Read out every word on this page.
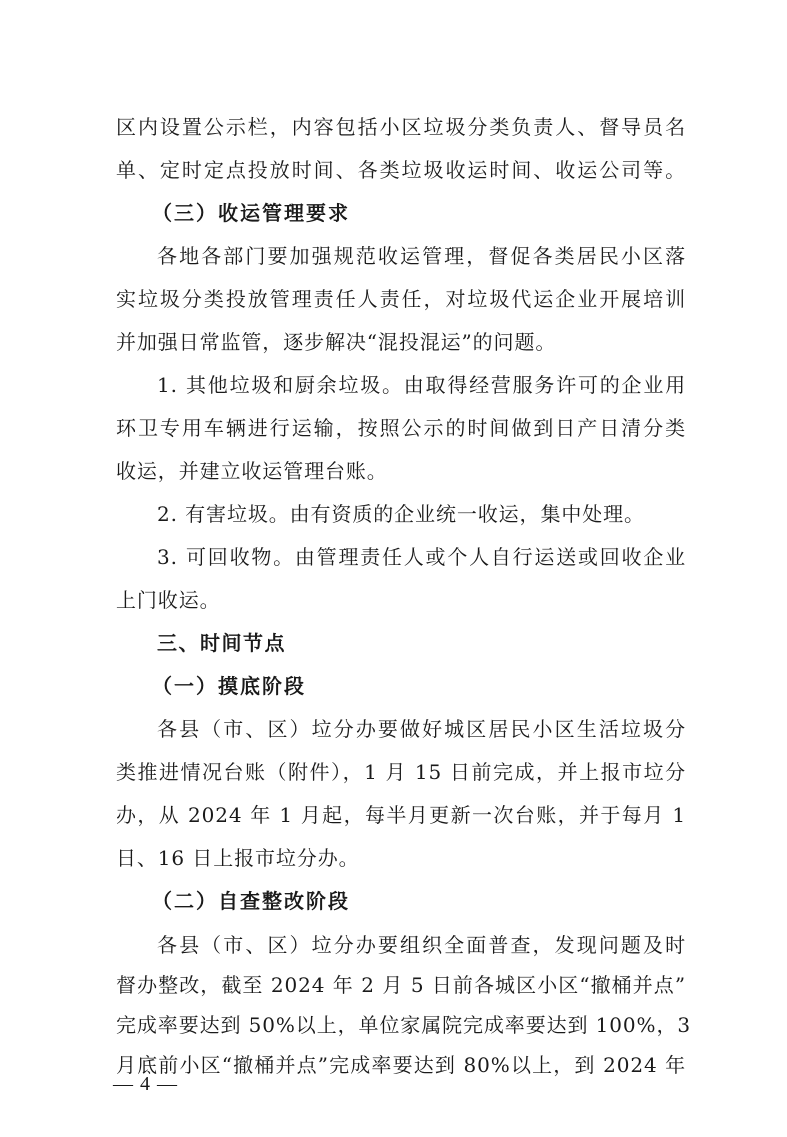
区内设置公示栏，内容包括小区垃圾分类负责人、督导员名
单、定时定点投放时间、各类垃圾收运时间、收运公司等。
（三）收运管理要求
各地各部门要加强规范收运管理，督促各类居民小区落
实垃圾分类投放管理责任人责任，对垃圾代运企业开展培训
并加强日常监管，逐步解决“混投混运”的问题。
1. 其他垃圾和厨余垃圾。由取得经营服务许可的企业用
环卫专用车辆进行运输，按照公示的时间做到日产日清分类
收运，并建立收运管理台账。
2. 有害垃圾。由有资质的企业统一收运，集中处理。
3. 可回收物。由管理责任人或个人自行运送或回收企业
上门收运。
三、时间节点
（一）摸底阶段
各县（市、区）垃分办要做好城区居民小区生活垃圾分
类推进情况台账（附件），1 月 15 日前完成，并上报市垃分
办，从 2024 年 1 月起，每半月更新一次台账，并于每月 1
日、16 日上报市垃分办。
（二）自查整改阶段
各县（市、区）垃分办要组织全面普查，发现问题及时
督办整改，截至 2024 年 2 月 5 日前各城区小区“撤桶并点”
完成率要达到 50%以上，单位家属院完成率要达到 100%，3
— 4 —
月底前小区“撤桶并点”完成率要达到 80%以上，到 2024 年
